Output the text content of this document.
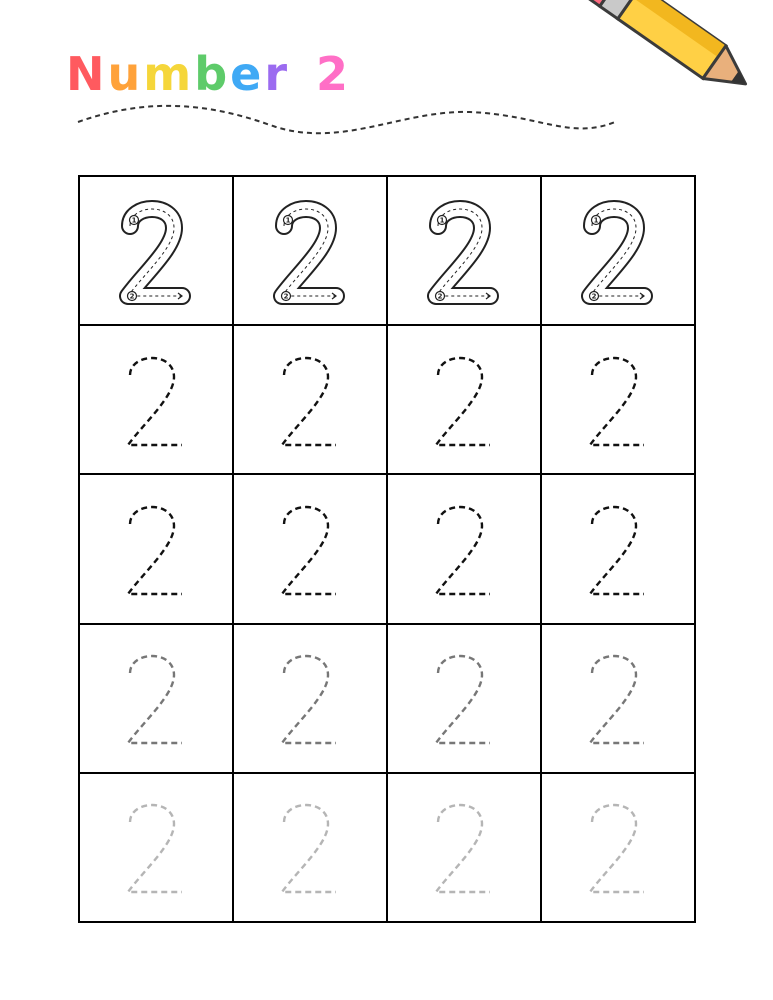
Number 2
1
2
1
2
1
2
1
2
